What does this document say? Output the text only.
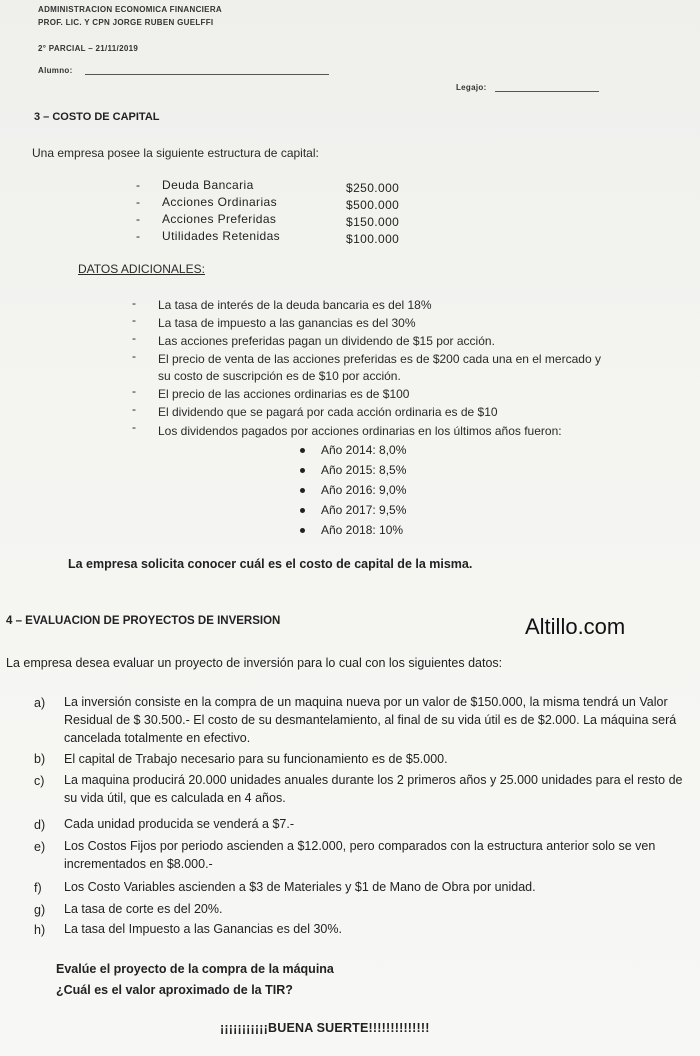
ADMINISTRACION ECONOMICA FINANCIERA
PROF. LIC. Y CPN JORGE RUBEN GUELFFI
2° PARCIAL – 21/11/2019
Alumno:
Legajo:
3 – COSTO DE CAPITAL
Una empresa posee la siguiente estructura de capital:
- Deuda Bancaria	$250.000
- Acciones Ordinarias	$500.000
- Acciones Preferidas	$150.000
- Utilidades Retenidas	$100.000
DATOS ADICIONALES:
- La tasa de interés de la deuda bancaria es del 18%
- La tasa de impuesto a las ganancias es del 30%
- Las acciones preferidas pagan un dividendo de $15 por acción.
- El precio de venta de las acciones preferidas es de $200 cada una en el mercado y
su costo de suscripción es de $10 por acción.
- El precio de las acciones ordinarias es de $100
- El dividendo que se pagará por cada acción ordinaria es de $10
- Los dividendos pagados por acciones ordinarias en los últimos años fueron:
Año 2014: 8,0%
Año 2015: 8,5%
Año 2016: 9,0%
Año 2017: 9,5%
Año 2018: 10%
La empresa solicita conocer cuál es el costo de capital de la misma.
4 – EVALUACION DE PROYECTOS DE INVERSION	Altillo.com
La empresa desea evaluar un proyecto de inversión para lo cual con los siguientes datos:
a) La inversión consiste en la compra de un maquina nueva por un valor de $150.000, la misma tendrá un Valor Residual de $ 30.500.- El costo de su desmantelamiento, al final de su vida útil es de $2.000. La máquina será cancelada totalmente en efectivo.
b) El capital de Trabajo necesario para su funcionamiento es de $5.000.
c) La maquina producirá 20.000 unidades anuales durante los 2 primeros años y 25.000 unidades para el resto de su vida útil, que es calculada en 4 años.
d) Cada unidad producida se venderá a $7.-
e) Los Costos Fijos por periodo ascienden a $12.000, pero comparados con la estructura anterior solo se ven incrementados en $8.000.-
f) Los Costo Variables ascienden a $3 de Materiales y $1 de Mano de Obra por unidad.
g) La tasa de corte es del 20%.
h) La tasa del Impuesto a las Ganancias es del 30%.
Evalúe el proyecto de la compra de la máquina
¿Cuál es el valor aproximado de la TIR?
¡¡¡¡¡¡¡¡¡¡¡BUENA SUERTE!!!!!!!!!!!!!!
